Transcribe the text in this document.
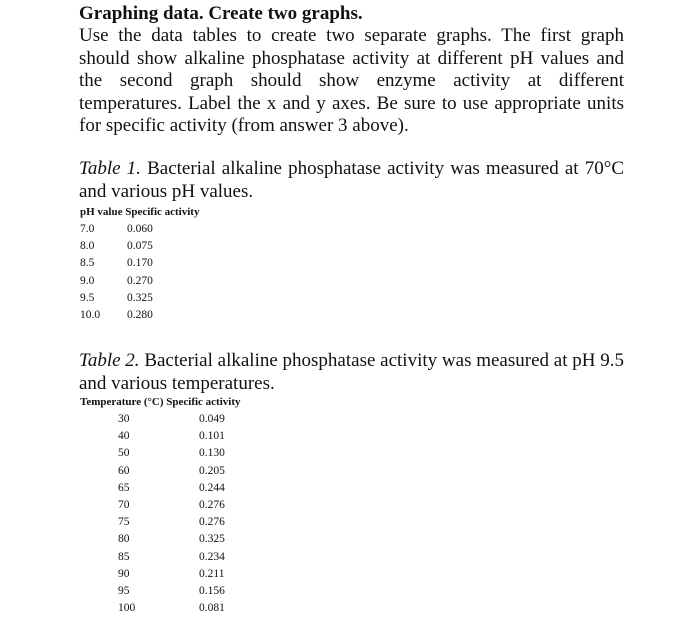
Graphing data. Create two graphs.

Use the data tables to create two separate graphs. The first graph should show alkaline phosphatase activity at different pH values and the second graph should show enzyme activity at different temperatures. Label the x and y axes. Be sure to use appropriate units for specific activity (from answer 3 above).

Table 1. Bacterial alkaline phosphatase activity was measured at 70°C and various pH values.

pH value Specific activity
7.0	0.060
8.0	0.075
8.5	0.170
9.0	0.270
9.5	0.325
10.0	0.280

Table 2. Bacterial alkaline phosphatase activity was measured at pH 9.5 and various temperatures.

Temperature (°C) Specific activity
30	0.049
40	0.101
50	0.130
60	0.205
65	0.244
70	0.276
75	0.276
80	0.325
85	0.234
90	0.211
95	0.156
100	0.081
